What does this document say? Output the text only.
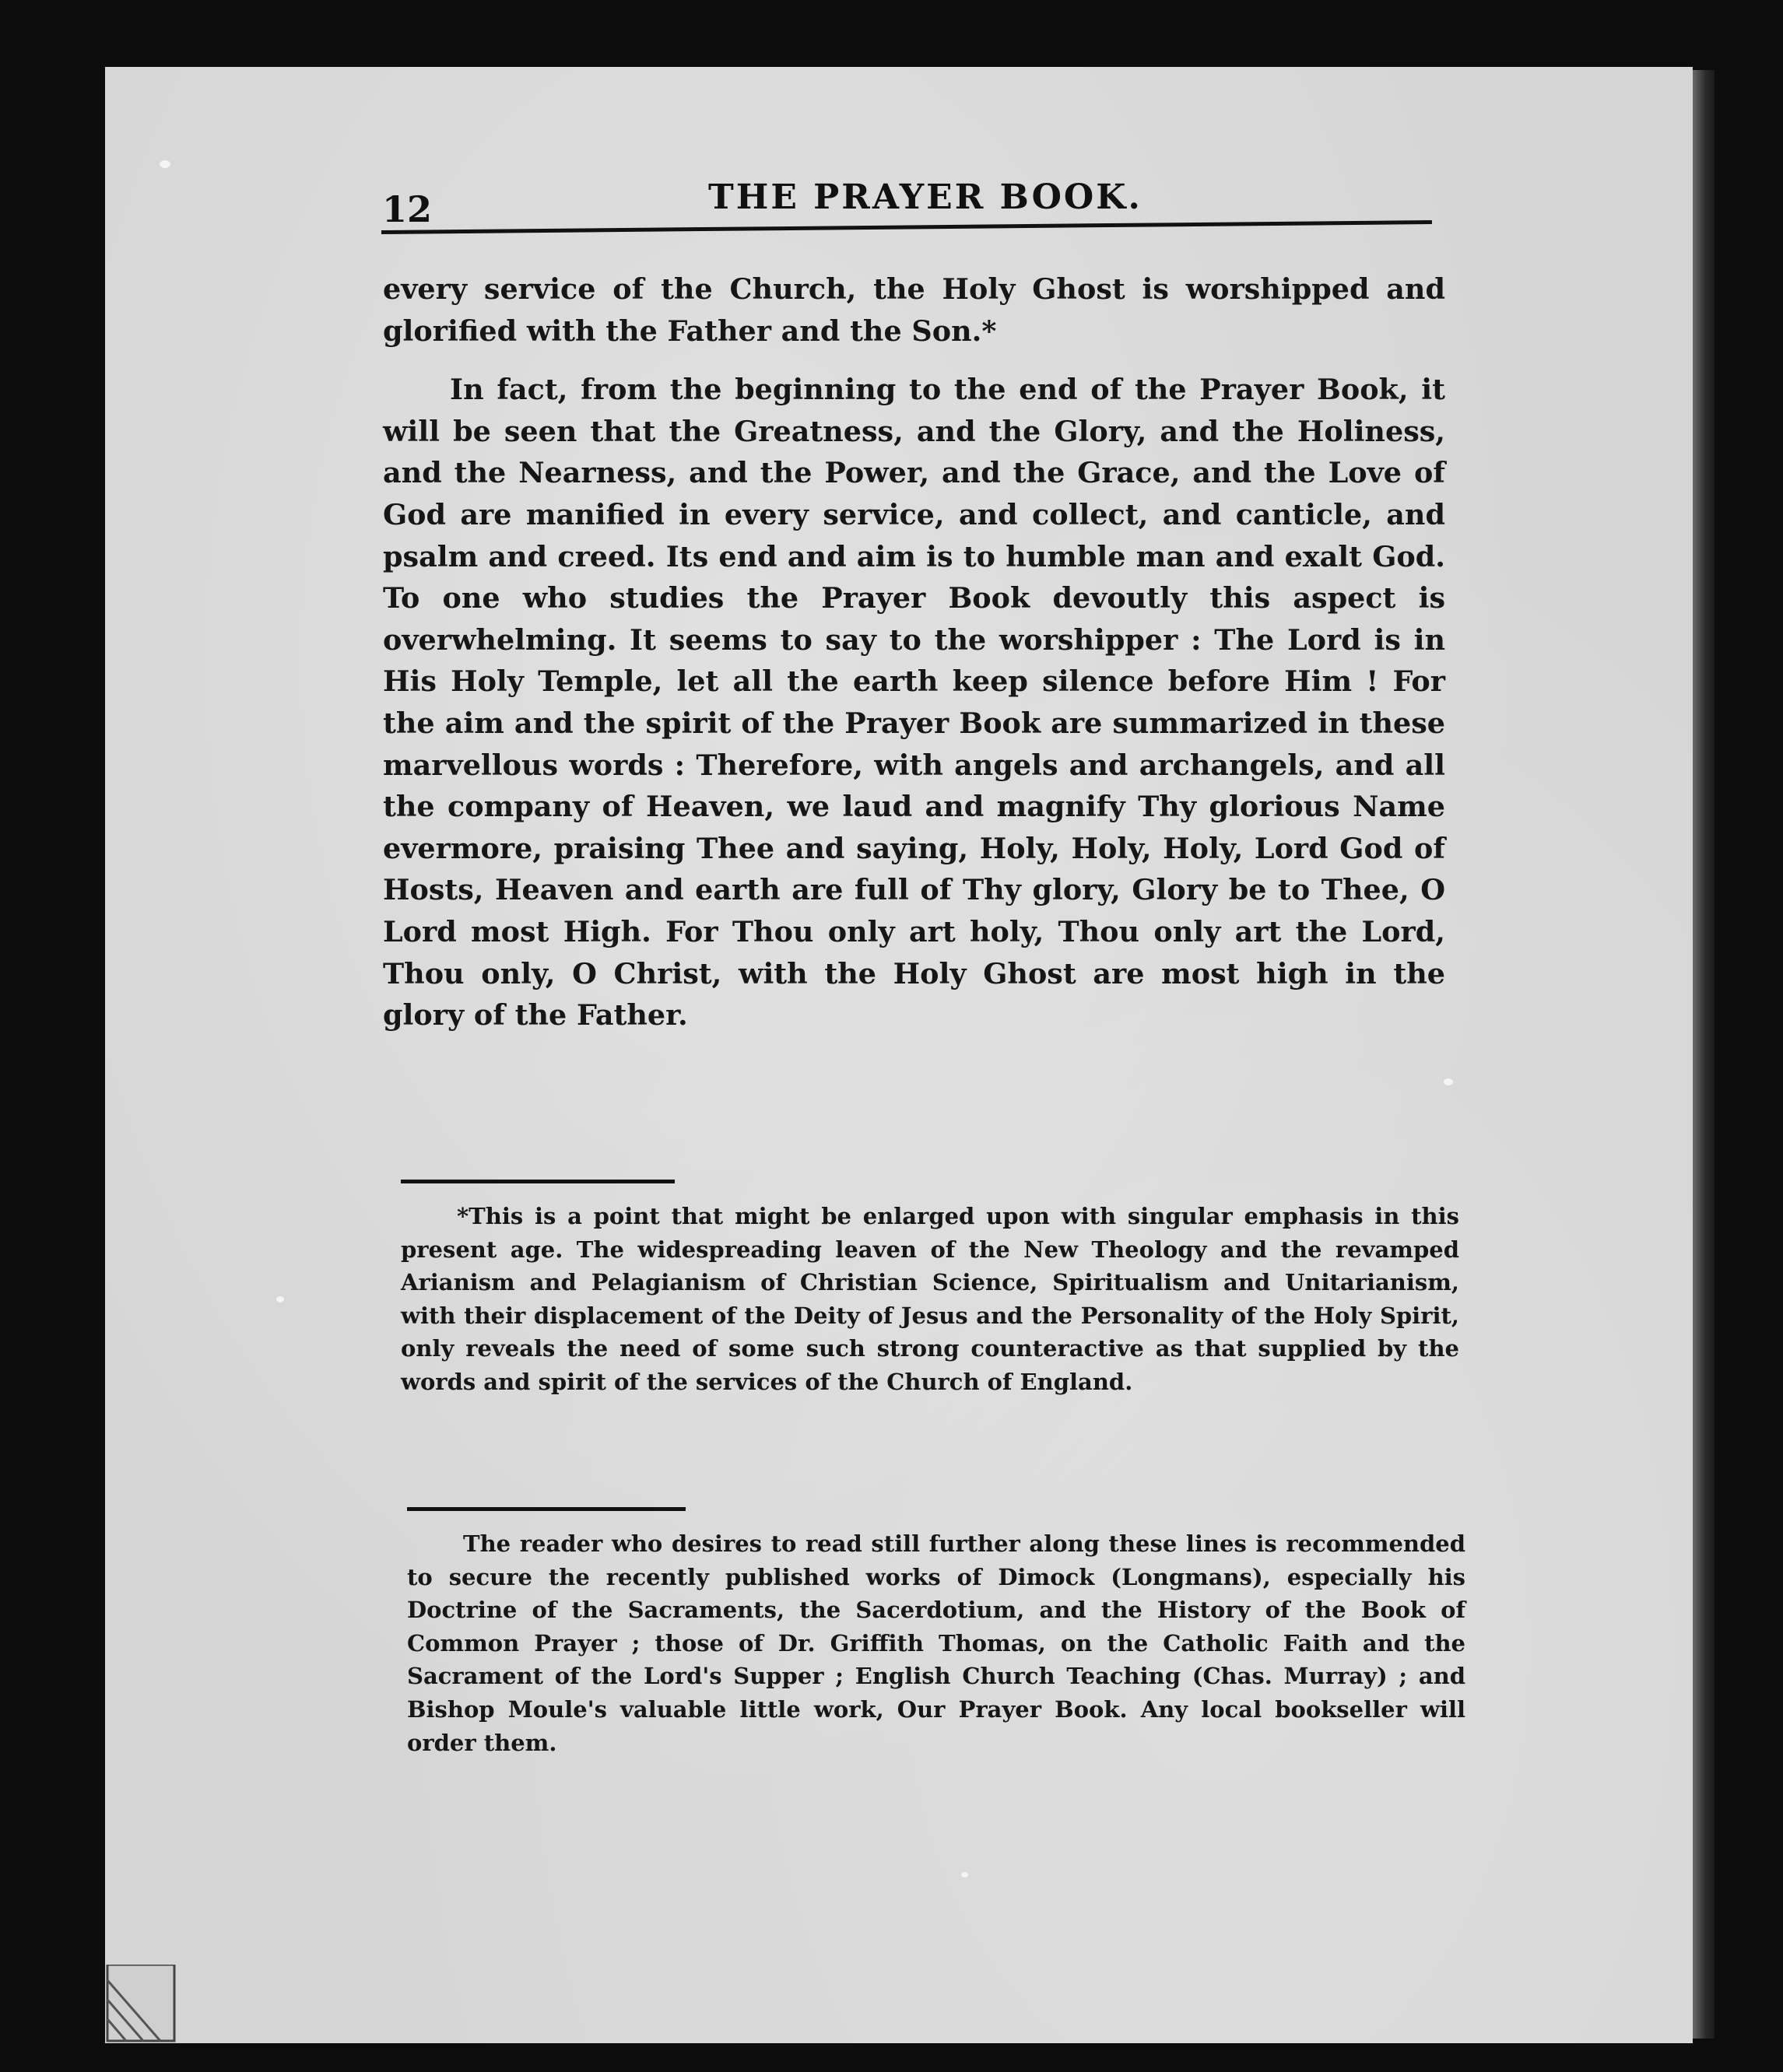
12	THE PRAYER BOOK.

every service of the Church, the Holy Ghost is worshipped and glorified with the Father and the Son.*

In fact, from the beginning to the end of the Prayer Book, it will be seen that the Greatness, and the Glory, and the Holiness, and the Nearness, and the Power, and the Grace, and the Love of God are manified in every service, and collect, and canticle, and psalm and creed. Its end and aim is to humble man and exalt God. To one who studies the Prayer Book devoutly this aspect is overwhelming. It seems to say to the worshipper : The Lord is in His Holy Temple, let all the earth keep silence before Him ! For the aim and the spirit of the Prayer Book are summarized in these marvellous words : Therefore, with angels and archangels, and all the company of Heaven, we laud and magnify Thy glorious Name evermore, praising Thee and saying, Holy, Holy, Holy, Lord God of Hosts, Heaven and earth are full of Thy glory, Glory be to Thee, O Lord most High. For Thou only art holy, Thou only art the Lord, Thou only, O Christ, with the Holy Ghost are most high in the glory of the Father.

*This is a point that might be enlarged upon with singular emphasis in this present age. The widespreading leaven of the New Theology and the revamped Arianism and Pelagianism of Christian Science, Spiritualism and Unitarianism, with their displacement of the Deity of Jesus and the Personality of the Holy Spirit, only reveals the need of some such strong counteractive as that supplied by the words and spirit of the services of the Church of England.

The reader who desires to read still further along these lines is recommended to secure the recently published works of Dimock (Longmans), especially his Doctrine of the Sacraments, the Sacerdotium, and the History of the Book of Common Prayer ; those of Dr. Griffith Thomas, on the Catholic Faith and the Sacrament of the Lord's Supper ; English Church Teaching (Chas. Murray) ; and Bishop Moule's valuable little work, Our Prayer Book. Any local bookseller will order them.
